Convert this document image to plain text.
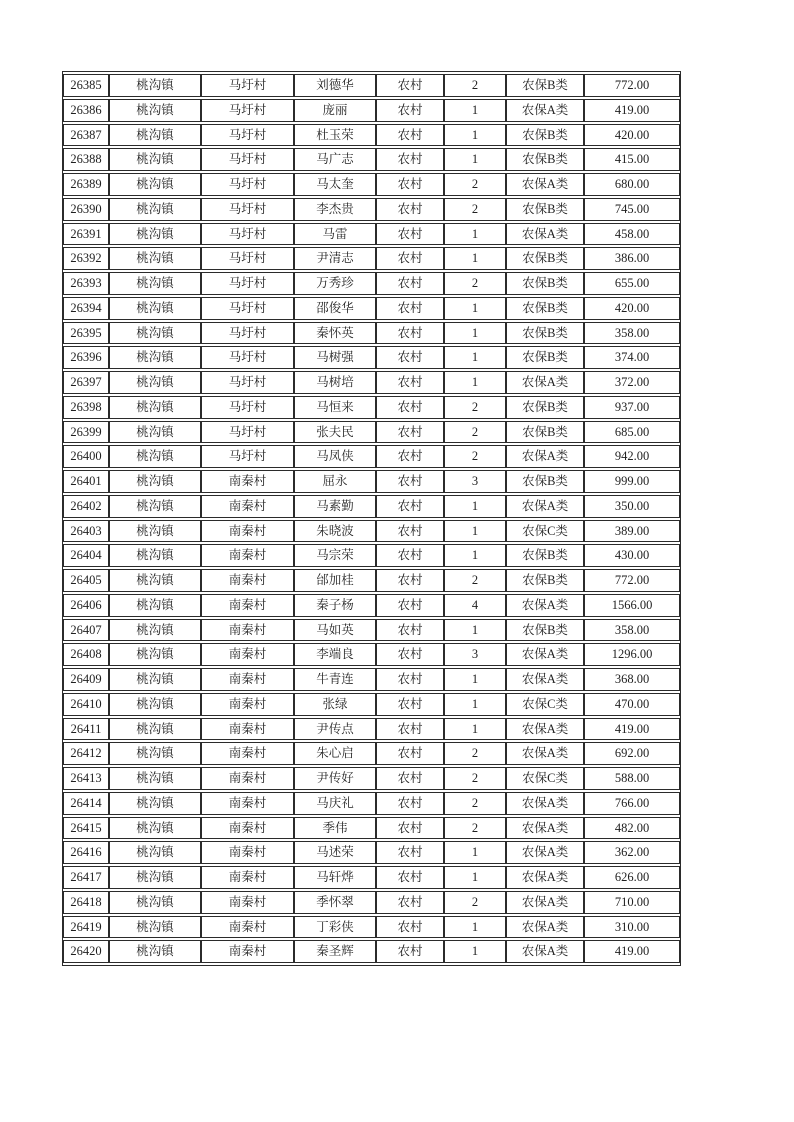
26385	桃沟镇	马圩村	刘德华	农村	2	农保B类	772.00
26386	桃沟镇	马圩村	庞丽	农村	1	农保A类	419.00
26387	桃沟镇	马圩村	杜玉荣	农村	1	农保B类	420.00
26388	桃沟镇	马圩村	马广志	农村	1	农保B类	415.00
26389	桃沟镇	马圩村	马太奎	农村	2	农保A类	680.00
26390	桃沟镇	马圩村	李杰贵	农村	2	农保B类	745.00
26391	桃沟镇	马圩村	马雷	农村	1	农保A类	458.00
26392	桃沟镇	马圩村	尹清志	农村	1	农保B类	386.00
26393	桃沟镇	马圩村	万秀珍	农村	2	农保B类	655.00
26394	桃沟镇	马圩村	邵俊华	农村	1	农保B类	420.00
26395	桃沟镇	马圩村	秦怀英	农村	1	农保B类	358.00
26396	桃沟镇	马圩村	马树强	农村	1	农保B类	374.00
26397	桃沟镇	马圩村	马树培	农村	1	农保A类	372.00
26398	桃沟镇	马圩村	马恒来	农村	2	农保B类	937.00
26399	桃沟镇	马圩村	张夫民	农村	2	农保B类	685.00
26400	桃沟镇	马圩村	马凤侠	农村	2	农保A类	942.00
26401	桃沟镇	南秦村	屈永	农村	3	农保B类	999.00
26402	桃沟镇	南秦村	马素勤	农村	1	农保A类	350.00
26403	桃沟镇	南秦村	朱晓波	农村	1	农保C类	389.00
26404	桃沟镇	南秦村	马宗荣	农村	1	农保B类	430.00
26405	桃沟镇	南秦村	邰加桂	农村	2	农保B类	772.00
26406	桃沟镇	南秦村	秦子杨	农村	4	农保A类	1566.00
26407	桃沟镇	南秦村	马如英	农村	1	农保B类	358.00
26408	桃沟镇	南秦村	李端良	农村	3	农保A类	1296.00
26409	桃沟镇	南秦村	牛青连	农村	1	农保A类	368.00
26410	桃沟镇	南秦村	张绿	农村	1	农保C类	470.00
26411	桃沟镇	南秦村	尹传点	农村	1	农保A类	419.00
26412	桃沟镇	南秦村	朱心启	农村	2	农保A类	692.00
26413	桃沟镇	南秦村	尹传好	农村	2	农保C类	588.00
26414	桃沟镇	南秦村	马庆礼	农村	2	农保A类	766.00
26415	桃沟镇	南秦村	季伟	农村	2	农保A类	482.00
26416	桃沟镇	南秦村	马述荣	农村	1	农保A类	362.00
26417	桃沟镇	南秦村	马轩烨	农村	1	农保A类	626.00
26418	桃沟镇	南秦村	季怀翠	农村	2	农保A类	710.00
26419	桃沟镇	南秦村	丁彩侠	农村	1	农保A类	310.00
26420	桃沟镇	南秦村	秦圣辉	农村	1	农保A类	419.00
